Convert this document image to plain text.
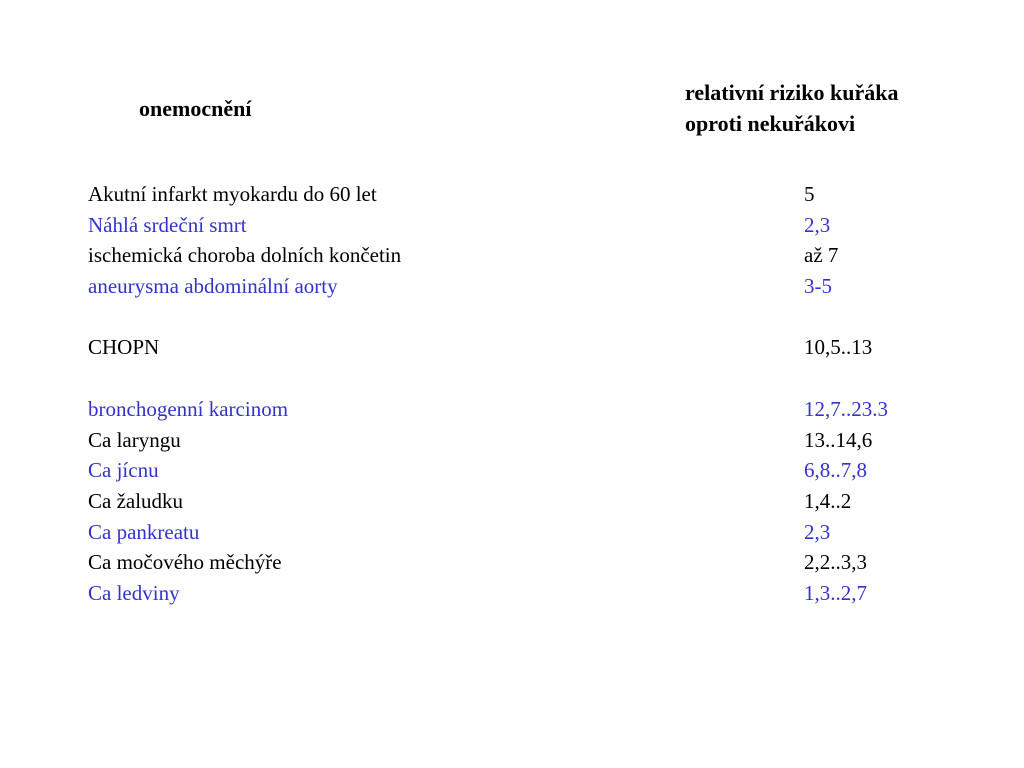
onemocnění
relativní riziko kuřáka
oproti nekuřákovi
Akutní infarkt myokardu do 60 let	5
Náhlá srdeční smrt	2,3
ischemická choroba dolních končetin	až 7
aneurysma abdominální aorty	3-5
CHOPN	10,5..13
bronchogenní karcinom	12,7..23.3
Ca laryngu	13..14,6
Ca jícnu	6,8..7,8
Ca žaludku	1,4..2
Ca pankreatu	2,3
Ca močového měchýře	2,2..3,3
Ca ledviny	1,3..2,7
